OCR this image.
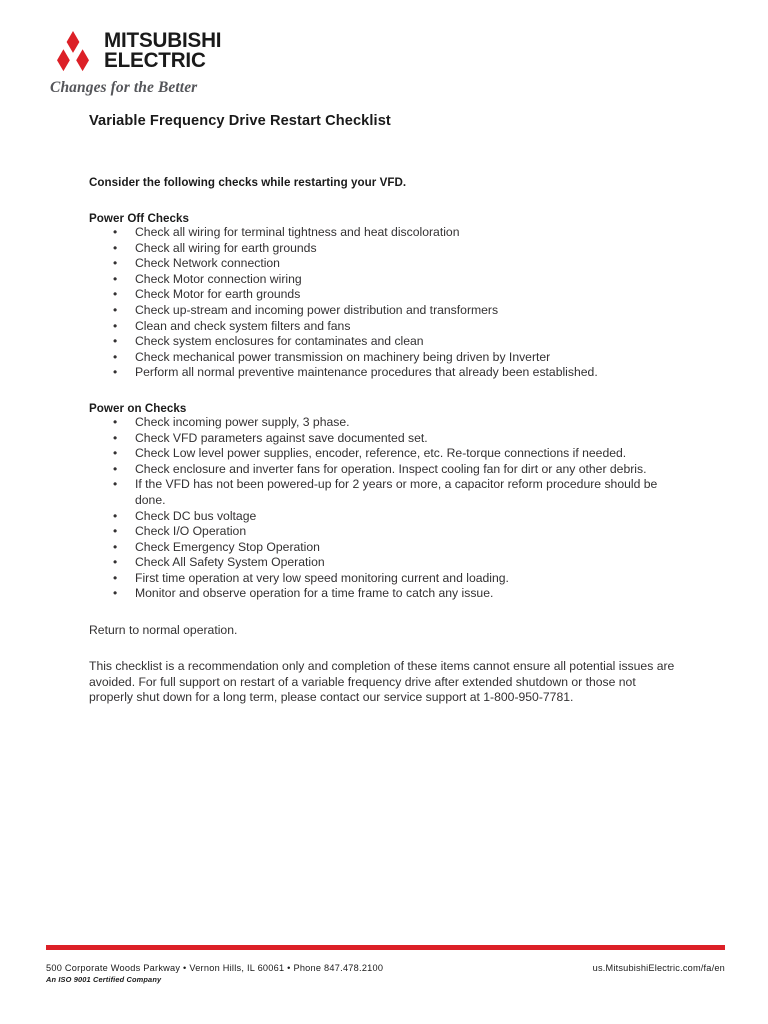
MITSUBISHI
ELECTRIC
Changes for the Better
Variable Frequency Drive Restart Checklist

Consider the following checks while restarting your VFD.

Power Off Checks
• Check all wiring for terminal tightness and heat discoloration
• Check all wiring for earth grounds
• Check Network connection
• Check Motor connection wiring
• Check Motor for earth grounds
• Check up-stream and incoming power distribution and transformers
• Clean and check system filters and fans
• Check system enclosures for contaminates and clean
• Check mechanical power transmission on machinery being driven by Inverter
• Perform all normal preventive maintenance procedures that already been established.
Power on Checks
• Check incoming power supply, 3 phase.
• Check VFD parameters against save documented set.
• Check Low level power supplies, encoder, reference, etc. Re-torque connections if needed.
• Check enclosure and inverter fans for operation. Inspect cooling fan for dirt or any other debris.
• If the VFD has not been powered-up for 2 years or more, a capacitor reform procedure should be done.
• Check DC bus voltage
• Check I/O Operation
• Check Emergency Stop Operation
• Check All Safety System Operation
• First time operation at very low speed monitoring current and loading.
• Monitor and observe operation for a time frame to catch any issue.

Return to normal operation.

This checklist is a recommendation only and completion of these items cannot ensure all potential issues are avoided. For full support on restart of a variable frequency drive after extended shutdown or those not properly shut down for a long term, please contact our service support at 1-800-950-7781.

500 Corporate Woods Parkway • Vernon Hills, IL 60061 • Phone 847.478.2100
An ISO 9001 Certified Company
us.MitsubishiElectric.com/fa/en
